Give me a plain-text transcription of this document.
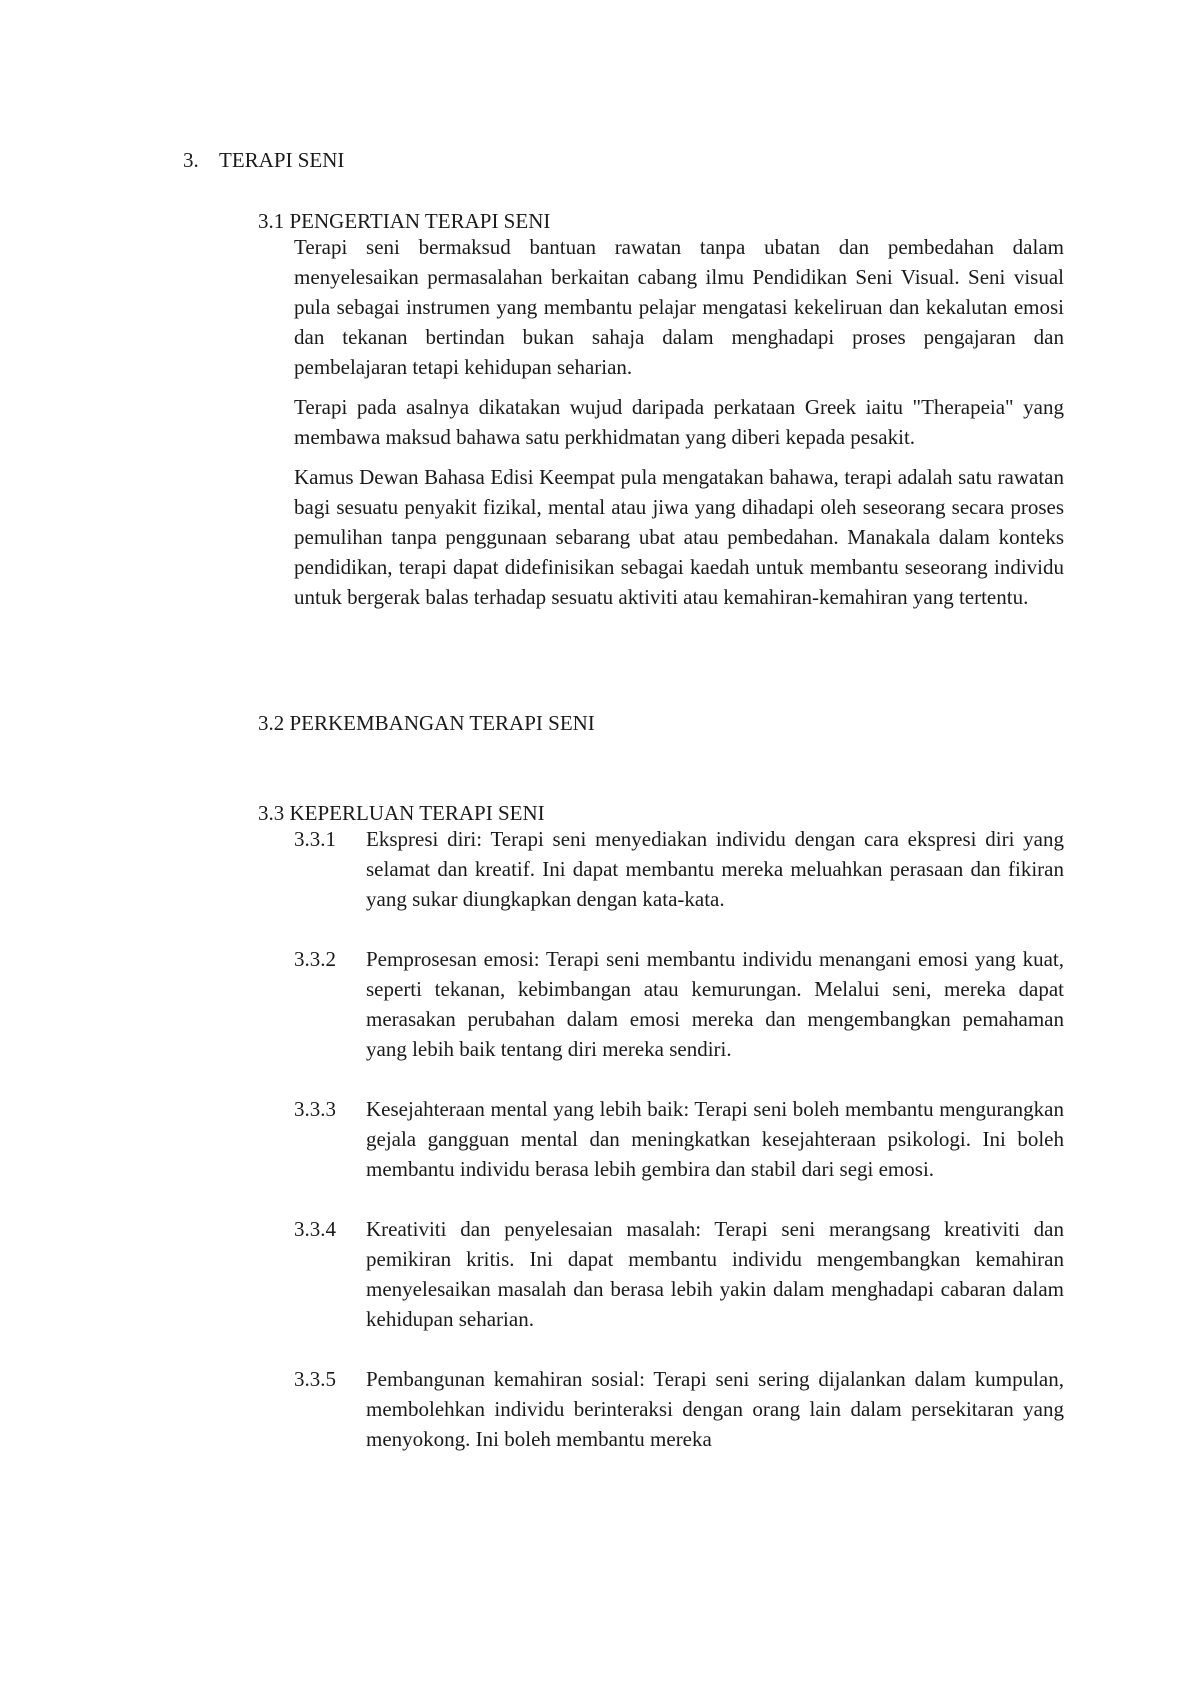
3. TERAPI SENI
3.1 PENGERTIAN TERAPI SENI

Terapi seni bermaksud bantuan rawatan tanpa ubatan dan pembedahan dalam menyelesaikan permasalahan berkaitan cabang ilmu Pendidikan Seni Visual. Seni visual pula sebagai instrumen yang membantu pelajar mengatasi kekeliruan dan kekalutan emosi dan tekanan bertindan bukan sahaja dalam menghadapi proses pengajaran dan pembelajaran tetapi kehidupan seharian.

Terapi pada asalnya dikatakan wujud daripada perkataan Greek iaitu "Therapeia" yang membawa maksud bahawa satu perkhidmatan yang diberi kepada pesakit.

Kamus Dewan Bahasa Edisi Keempat pula mengatakan bahawa, terapi adalah satu rawatan bagi sesuatu penyakit fizikal, mental atau jiwa yang dihadapi oleh seseorang secara proses pemulihan tanpa penggunaan sebarang ubat atau pembedahan. Manakala dalam konteks pendidikan, terapi dapat didefinisikan sebagai kaedah untuk membantu seseorang individu untuk bergerak balas terhadap sesuatu aktiviti atau kemahiran-kemahiran yang tertentu.

3.2 PERKEMBANGAN TERAPI SENI
3.3 KEPERLUAN TERAPI SENI
3.3.1 Ekspresi diri: Terapi seni menyediakan individu dengan cara ekspresi diri yang selamat dan kreatif. Ini dapat membantu mereka meluahkan perasaan dan fikiran yang sukar diungkapkan dengan kata-kata.
3.3.2 Pemprosesan emosi: Terapi seni membantu individu menangani emosi yang kuat, seperti tekanan, kebimbangan atau kemurungan. Melalui seni, mereka dapat merasakan perubahan dalam emosi mereka dan mengembangkan pemahaman yang lebih baik tentang diri mereka sendiri.
3.3.3 Kesejahteraan mental yang lebih baik: Terapi seni boleh membantu mengurangkan gejala gangguan mental dan meningkatkan kesejahteraan psikologi. Ini boleh membantu individu berasa lebih gembira dan stabil dari segi emosi.
3.3.4 Kreativiti dan penyelesaian masalah: Terapi seni merangsang kreativiti dan pemikiran kritis. Ini dapat membantu individu mengembangkan kemahiran menyelesaikan masalah dan berasa lebih yakin dalam menghadapi cabaran dalam kehidupan seharian.
3.3.5 Pembangunan kemahiran sosial: Terapi seni sering dijalankan dalam kumpulan, membolehkan individu berinteraksi dengan orang lain dalam persekitaran yang menyokong. Ini boleh membantu mereka
